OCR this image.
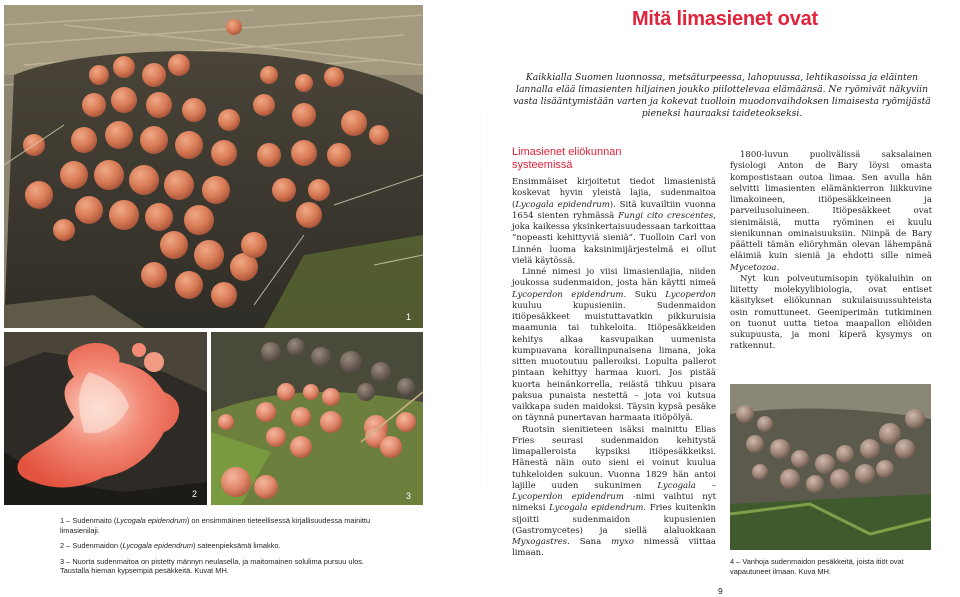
1
2	3

1 – Sudenmaito (Lycogala epidendrum) on ensimmäinen tieteellisessä kirjallisuudessa mainittu limasienilaji.

2 – Sudenmaidon (Lycogala epidendrum) sateenpieksämä limakko.

3 – Nuorta sudenmaitoa on pistetty männyn neulasella, ja maitomainen solulima pursuu ulos. Taustalla hieman kypsempiä pesäkkeitä. Kuvat MH.

Mitä limasienet ovat
Kaikkialla Suomen luonnossa, metsäturpeessa, lahopuussa, lehtikasoissa ja eläinten lannalla elää limasienten hiljainen joukko piilottelevaa elämäänsä. Ne ryömivät näkyviin vasta lisääntymistään varten ja kokevat tuolloin muodonvaihdoksen limaisesta ryömijästä pieneksi hauraaksi taideteokseksi.
Limasienet eliökunnan systeemissä

Ensimmäiset kirjoitetut tiedot limasienistä koskevat hyvin yleistä lajia, sudenmaitoa (Lycogala epidendrum). Sitä kuvailtiin vuonna 1654 sienten ryhmässä Fungi cito crescentes, joka kaikessa yksinkertaisuudessaan tarkoittaa ”nopeasti kehittyviä sieniä”. Tuolloin Carl von Linnén luoma kaksinimijärjestelmä ei ollut vielä käytössä.

Linné nimesi jo viisi limasienilajia, niiden joukossa sudenmaidon, josta hän käytti nimeä Lycoperdon epidendrum. Suku Lycoperdon kuuluu kupusieniin. Sudenmaidon itiöpesäkkeet muistuttavatkin pikkuruisia maamunia tai tuhkeloita. Itiöpesäkkeiden kehitys alkaa kasvupaikan uumenista kumpuavana korallinpunaisena limana, joka sitten muotoutuu palleroiksi. Lopulta pallerot pintaan kehittyy harmaa kuori. Jos pistää kuorta heinänkorrella, reiästä tihkuu pisara paksua punaista nestettä – jota voi kutsua vaikkapa suden maidoksi. Täysin kypsä pesäke on täynnä punertavan harmaata itiöpölyä.

Ruotsin sienitieteen isäksi mainittu Elias Fries seurasi sudenmaidon kehitystä limapalleroista kypsiksi itiöpesäkkeiksi. Hänestä näin outo sieni ei voinut kuulua tuhkeloiden sukuun. Vuonna 1829 hän antoi lajille uuden sukunimen Lycogala – Lycoperdon epidendrum -nimi vaihtui nyt nimeksi Lycogala epidendrum. Fries kuitenkin sijoitti sudenmaidon kupusienien (Gastromycetes) ja siellä alaluokkaan Myxogastres. Sana myxo nimessä viittaa limaan.

1800-luvun puolivälissä saksalainen fysiologi Anton de Bary löysi omasta kompostistaan outoa limaa. Sen avulla hän selvitti limasienten elämänkierron liikkuvine limakoineen, itiöpesäkkeineen ja parveilusoluineen. Itiöpesäkkeet ovat sienimäisiä, mutta ryöminen ei kuulu sienikunnan ominaisuuksiin. Niinpä de Bary päätteli tämän eliöryhmän olevan lähempänä eläimiä kuin sieniä ja ehdotti sille nimeä Mycetozoa.

Nyt kun polveutumisopin työkaluihin on liitetty molekyylibiologia, ovat entiset käsitykset eliökunnan sukulaisuussuhteista osin romuttuneet. Geeniperimän tutkiminen on tuonut uutta tietoa maapallon eliöiden sukupuusta, ja moni kiperä kysymys on ratkennut.

4 – Vanhoja sudenmaidon pesäkkeitä, joista itiöt ovat vapautuneet ilmaan. Kuva MH.
9
